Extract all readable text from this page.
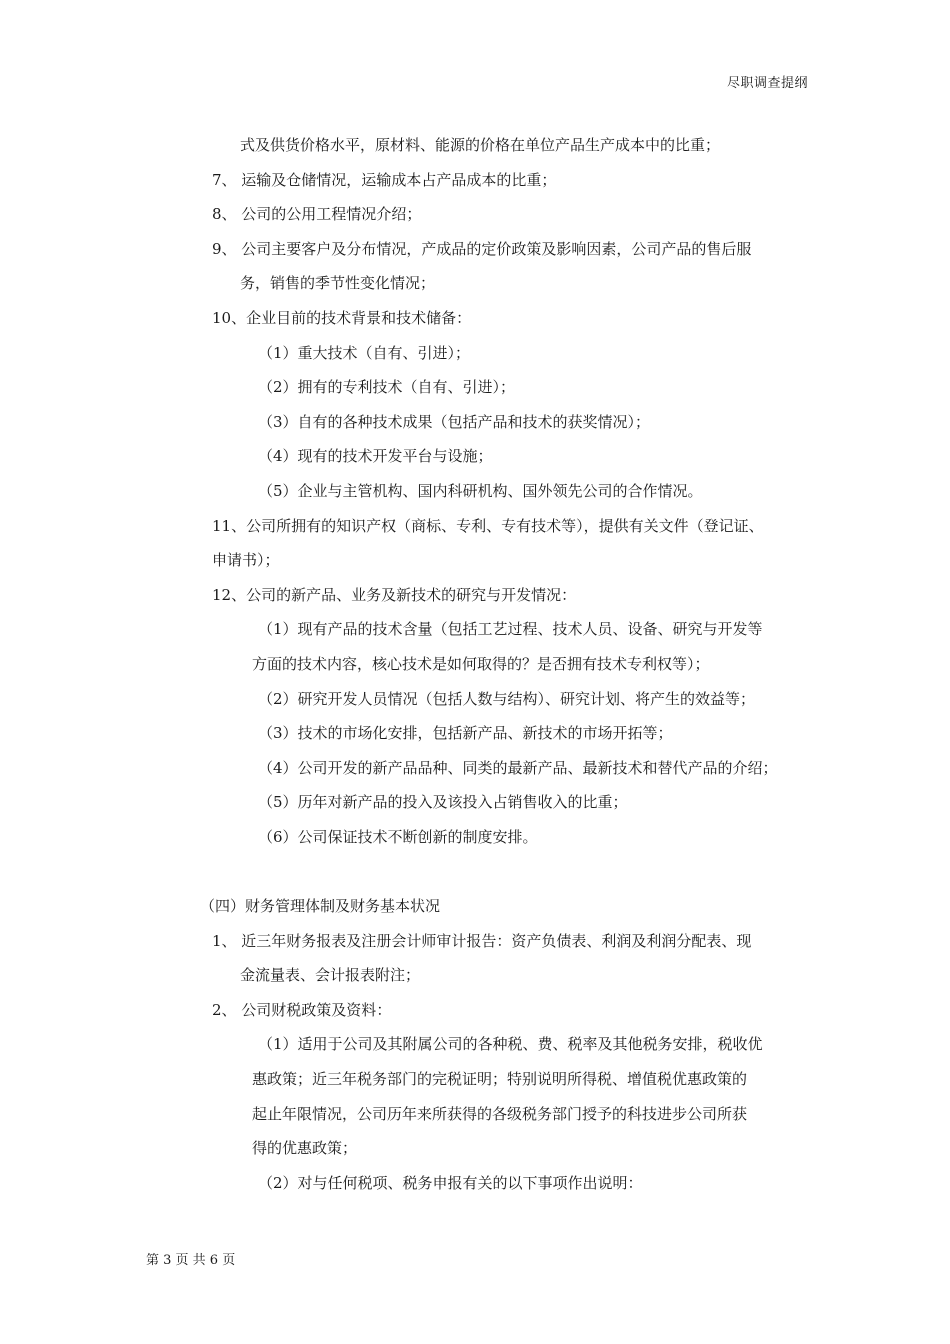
尽职调查提纲
式及供货价格水平，原材料、能源的价格在单位产品生产成本中的比重；
7、 运输及仓储情况，运输成本占产品成本的比重；
8、 公司的公用工程情况介绍；
9、 公司主要客户及分布情况，产成品的定价政策及影响因素，公司产品的售后服
务，销售的季节性变化情况；
10、企业目前的技术背景和技术储备：
（1）重大技术（自有、引进）；
（2）拥有的专利技术（自有、引进）；
（3）自有的各种技术成果（包括产品和技术的获奖情况）；
（4）现有的技术开发平台与设施；
（5）企业与主管机构、国内科研机构、国外领先公司的合作情况。
11、公司所拥有的知识产权（商标、专利、专有技术等），提供有关文件（登记证、
申请书）；
12、公司的新产品、业务及新技术的研究与开发情况：
（1）现有产品的技术含量（包括工艺过程、技术人员、设备、研究与开发等
方面的技术内容，核心技术是如何取得的？是否拥有技术专利权等）；
（2）研究开发人员情况（包括人数与结构）、研究计划、将产生的效益等；
（3）技术的市场化安排，包括新产品、新技术的市场开拓等；
（4）公司开发的新产品品种、同类的最新产品、最新技术和替代产品的介绍；
（5）历年对新产品的投入及该投入占销售收入的比重；
（6）公司保证技术不断创新的制度安排。
（四）财务管理体制及财务基本状况
1、 近三年财务报表及注册会计师审计报告：资产负债表、利润及利润分配表、现
金流量表、会计报表附注；
2、 公司财税政策及资料：
（1）适用于公司及其附属公司的各种税、费、税率及其他税务安排，税收优
惠政策；近三年税务部门的完税证明；特别说明所得税、增值税优惠政策的
起止年限情况，公司历年来所获得的各级税务部门授予的科技进步公司所获
得的优惠政策；
（2）对与任何税项、税务申报有关的以下事项作出说明：
第 3 页 共 6 页
